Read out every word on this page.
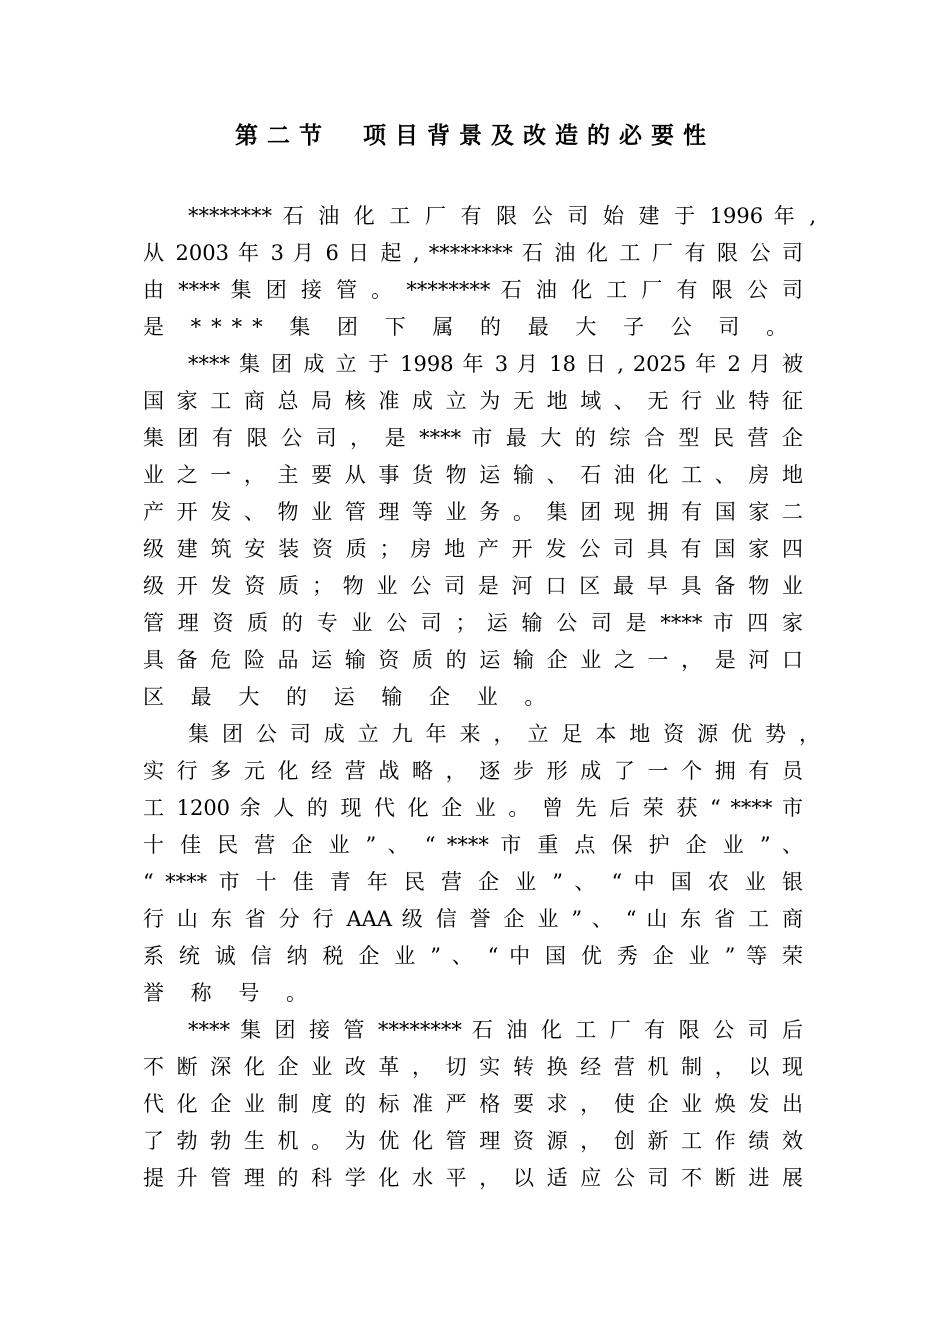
第二节　项目背景及改造的必要性
******** 石 油 化 工 厂 有 限 公 司 始 建 于 1996 年 ,
从 2003 年 3 月 6 日 起 , ******** 石 油 化 工 厂 有 限 公 司
由 **** 集 团 接 管 。 ******** 石 油 化 工 厂 有 限 公 司
是 **** 集 团 下 属 的 最 大 子 公 司 。
**** 集 团 成 立 于 1998 年 3 月 18 日 , 2025 年 2 月 被
国 家 工 商 总 局 核 准 成 立 为 无 地 域 、 无 行 业 特 征
集 团 有 限 公 司 ， 是 **** 市 最 大 的 综 合 型 民 营 企
业 之 一 ， 主 要 从 事 货 物 运 输 、 石 油 化 工 、 房 地
产 开 发 、 物 业 管 理 等 业 务 。 集 团 现 拥 有 国 家 二
级 建 筑 安 装 资 质 ； 房 地 产 开 发 公 司 具 有 国 家 四
级 开 发 资 质 ； 物 业 公 司 是 河 口 区 最 早 具 备 物 业
管 理 资 质 的 专 业 公 司 ； 运 输 公 司 是 **** 市 四 家
具 备 危 险 品 运 输 资 质 的 运 输 企 业 之 一 ， 是 河 口
区 最 大 的 运 输 企 业 。
集 团 公 司 成 立 九 年 来 ， 立 足 本 地 资 源 优 势 ，
实 行 多 元 化 经 营 战 略 ， 逐 步 形 成 了 一 个 拥 有 员
工 1200 余 人 的 现 代 化 企 业 。 曾 先 后 荣 获 “ **** 市
十 佳 民 营 企 业 ” 、 “ **** 市 重 点 保 护 企 业 ” 、
“ **** 市 十 佳 青 年 民 营 企 业 ” 、 “ 中 国 农 业 银
行 山 东 省 分 行 AAA 级 信 誉 企 业 ” 、 “ 山 东 省 工 商
系 统 诚 信 纳 税 企 业 ” 、 “ 中 国 优 秀 企 业 ” 等 荣
誉 称 号 。
**** 集 团 接 管 ******** 石 油 化 工 厂 有 限 公 司 后
不 断 深 化 企 业 改 革 ， 切 实 转 换 经 营 机 制 ， 以 现
代 化 企 业 制 度 的 标 准 严 格 要 求 ， 使 企 业 焕 发 出
了 勃 勃 生 机 。 为 优 化 管 理 资 源 ， 创 新 工 作 绩 效
提 升 管 理 的 科 学 化 水 平 ， 以 适 应 公 司 不 断 进 展
